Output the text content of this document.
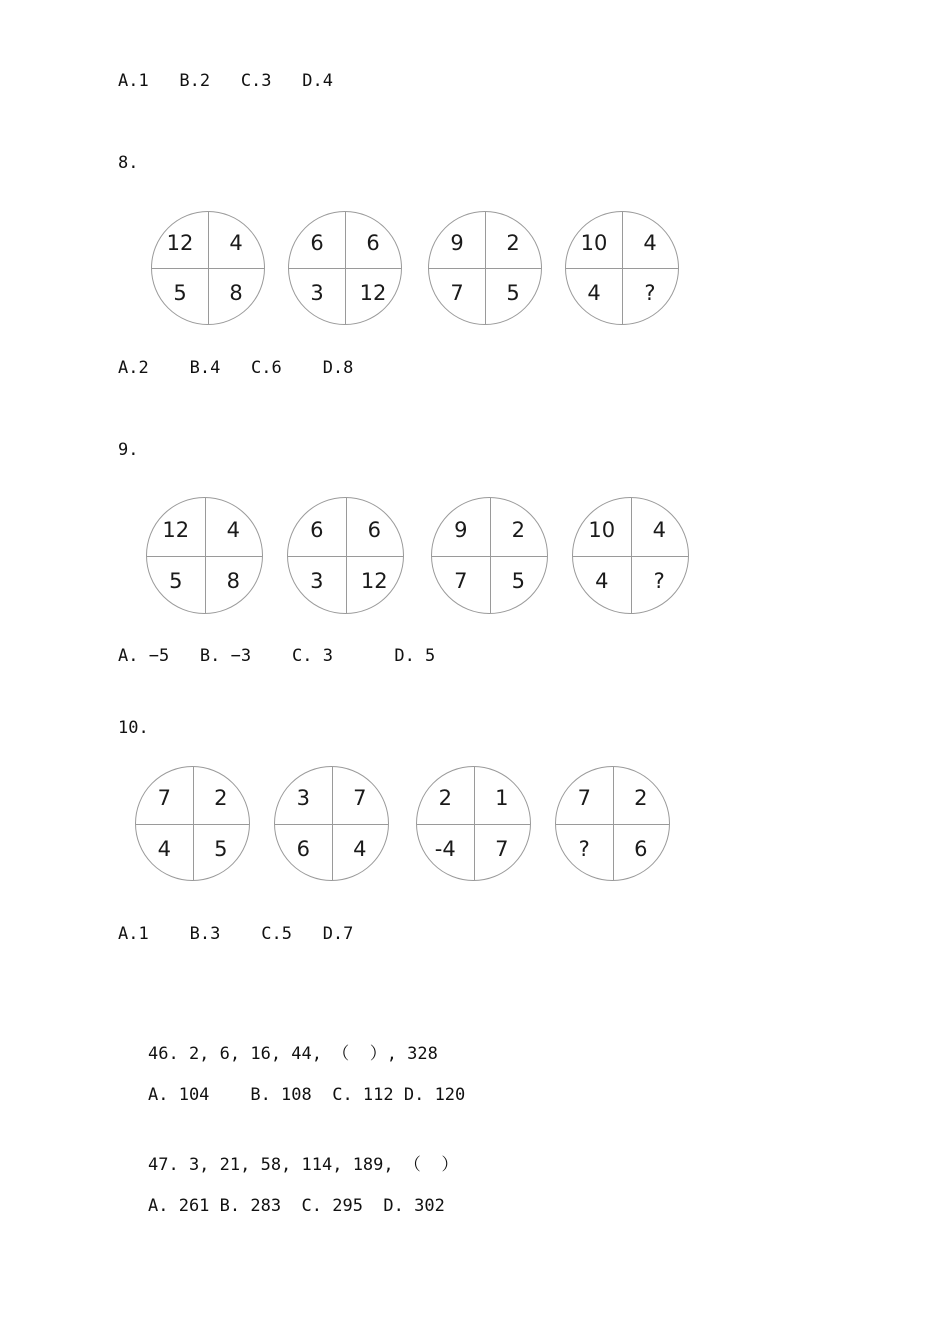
A.1   B.2   C.3   D.4
8.
12	4
5	8
6	6
3	12
9	2
7	5
10	4
4	?
A.2    B.4   C.6    D.8
9.
12	4
5	8
6	6
3	12
9	2
7	5
10	4
4	?
A. −5   B. −3    C. 3      D. 5
10.
7	2
4	5
3	7
6	4
2	1
-4	7
7	2
?	6
A.1    B.3    C.5   D.7
46. 2, 6, 16, 44, （  ）, 328
A. 104    B. 108  C. 112 D. 120
47. 3, 21, 58, 114, 189, （  ）
A. 261 B. 283  C. 295  D. 302
